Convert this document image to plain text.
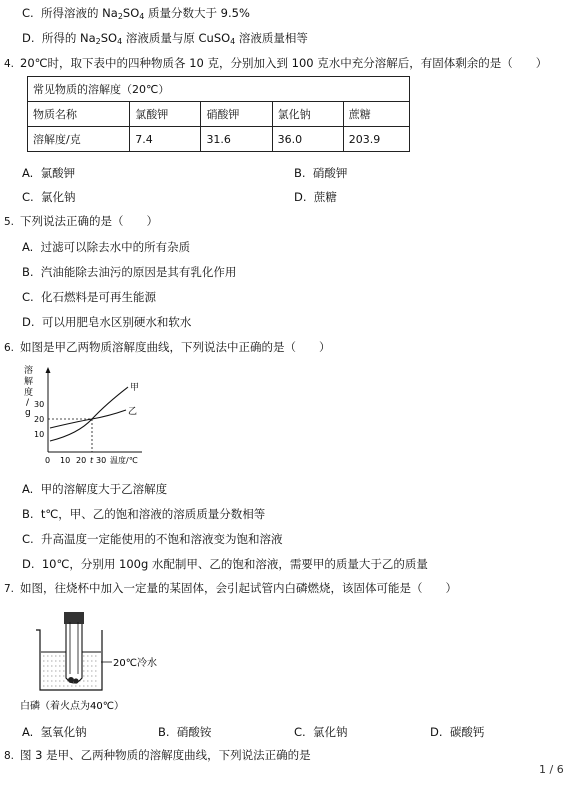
C. 所得溶液的 $Na_2SO_4$ 质量分数大于 9.5%
D. 所得的 $Na_2SO_4$ 溶液质量与原 CuSO$_4$ 溶液质量相等
4. 20℃时，取下表中的四种物质各 10 克，分别加入到 100 克水中充分溶解后，有固体剩余的是（　　）
常见物质的溶解度（20℃）				
物质名称	氯酸钾	硝酸钾	氯化钠	蔗糖
溶解度/克	7.4	31.6	36.0	203.9
A. 氯酸钾	B. 硝酸钾
C. 氯化钠	D. 蔗糖
5. 下列说法正确的是（　　）
A. 过滤可以除去水中的所有杂质
B. 汽油能除去油污的原因是其有乳化作用
C. 化石燃料是可再生能源
D. 可以用肥皂水区别硬水和软水
6. 如图是甲乙两物质溶解度曲线，下列说法中正确的是（　　）
溶
解
度
/
g
30
20
10
甲
乙
0 10 20 t 30 温度/℃
A. 甲的溶解度大于乙溶解度
B. t℃，甲、乙的饱和溶液的溶质质量分数相等
C. 升高温度一定能使用的不饱和溶液变为饱和溶液
D. 10℃，分别用 100g 水配制甲、乙的饱和溶液，需要甲的质量大于乙的质量
7. 如图，往烧杯中加入一定量的某固体，会引起试管内白磷燃烧，该固体可能是（　　）
20℃冷水
白磷（着火点为40℃）
A. 氢氧化钠	B. 硝酸铵	C. 氯化钠	D. 碳酸钙
8. 图 3 是甲、乙两种物质的溶解度曲线，下列说法正确的是
1 / 6
